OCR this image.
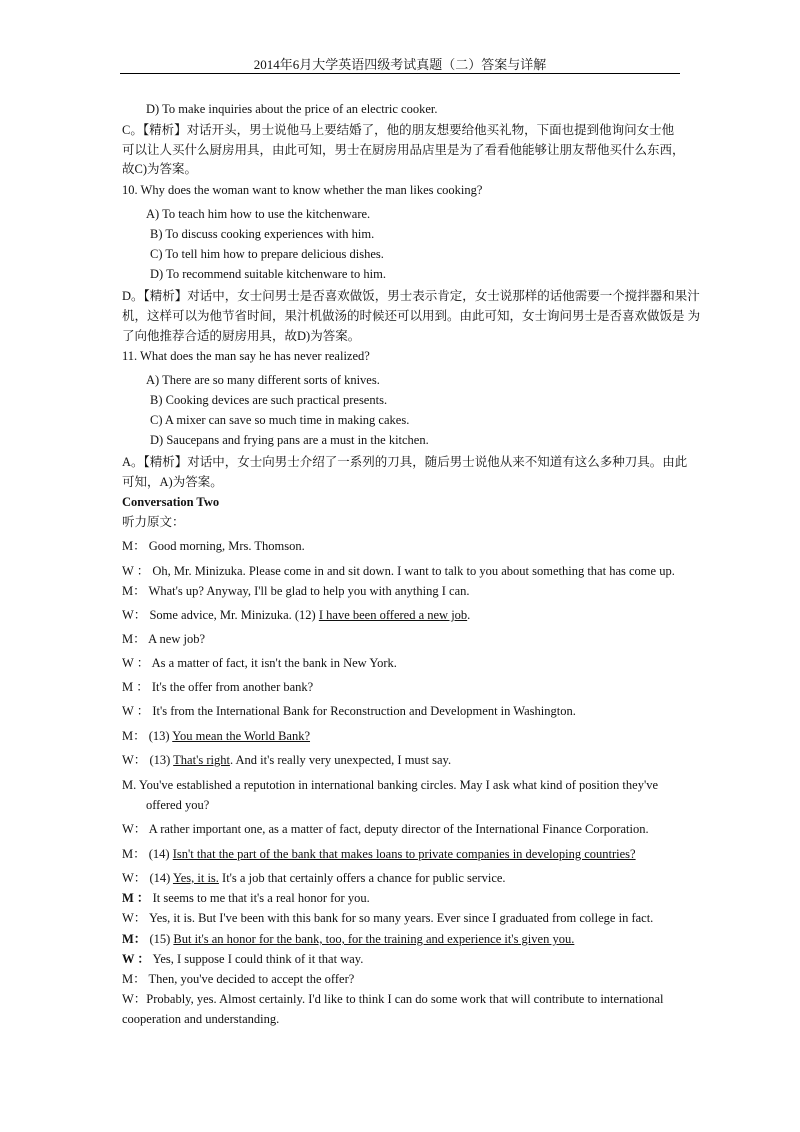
2014年6月大学英语四级考试真题（二）答案与详解
D) To make inquiries about the price of an electric cooker.
C。【精析】对话开头，男士说他马上要结婚了，他的朋友想要给他买礼物，下面也提到他询问女士他
可以让人买什么厨房用具，由此可知，男士在厨房用品店里是为了看看他能够让朋友帮他买什么东西，
故C)为答案。
10. Why does the woman want to know whether the man likes cooking?
A) To teach him how to use the kitchenware.
B) To discuss cooking experiences with him.
C) To tell him how to prepare delicious dishes.
D) To recommend suitable kitchenware to him.
D。【精析】对话中，女士问男士是否喜欢做饭，男士表示肯定，女士说那样的话他需要一个搅拌器和果汁
机，这样可以为他节省时间，果汁机做汤的时候还可以用到。由此可知，女士询问男士是否喜欢做饭是 为
了向他推荐合适的厨房用具，故D)为答案。
11. What does the man say he has never realized?
A) There are so many different sorts of knives.
B) Cooking devices are such practical presents.
C) A mixer can save so much time in making cakes.
D) Saucepans and frying pans are a must in the kitchen.
A。【精析】对话中，女士向男士介绍了一系列的刀具，随后男士说他从来不知道有这么多种刀具。由此
可知，A)为答案。
Conversation Two
听力原文：
M： Good morning, Mrs. Thomson.
W ： Oh, Mr. Minizuka. Please come in and sit down. I want to talk to you about something that has come up.
M： What's up? Anyway, I'll be glad to help you with anything I can.
W： Some advice, Mr. Minizuka. (12) I have been offered a new job.
M： A new job?
W ： As a matter of fact, it isn't the bank in New York.
M ： It's the offer from another bank?
W ： It's from the International Bank for Reconstruction and Development in Washington.
M： (13) You mean the World Bank?
W： (13) That's right. And it's really very unexpected, I must say.
M. You've established a reputotion in international banking circles. May I ask what kind of position they've
offered you?
W： A rather important one, as a matter of fact, deputy director of the International Finance Corporation.
M： (14) Isn't that the part of the bank that makes loans to private companies in developing countries?
W： (14) Yes, it is. It's a job that certainly offers a chance for public service.
M ： It seems to me that it's a real honor for you.
W： Yes, it is. But I've been with this bank for so many years. Ever since I graduated from college in fact.
M： (15) But it's an honor for the bank, too, for the training and experience it's given you.
W ： Yes, I suppose I could think of it that way.
M： Then, you've decided to accept the offer?
W：Probably, yes. Almost certainly. I'd like to think I can do some work that will contribute to international
cooperation and understanding.
